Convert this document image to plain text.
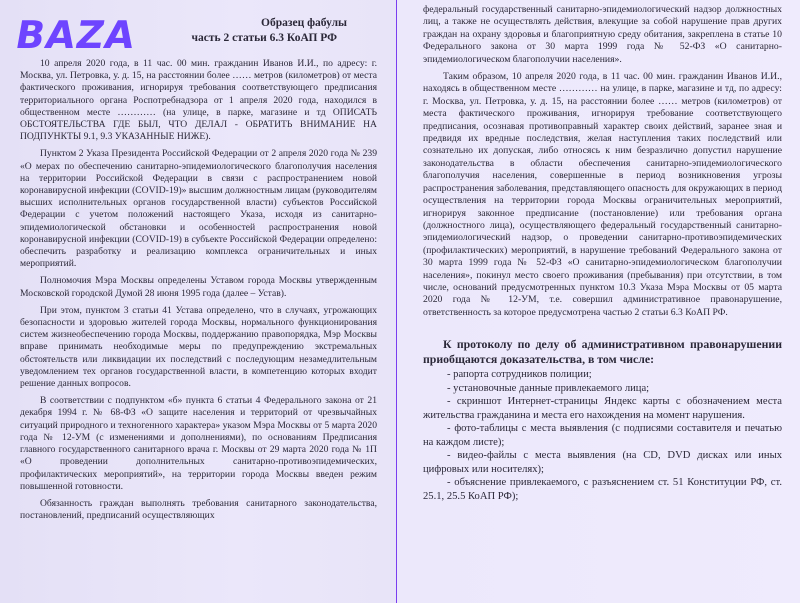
BAZA	Образец фабулы
часть 2 статьи 6.3 КоАП РФ

10 апреля 2020 года, в 11 час. 00 мин. гражданин Иванов И.И., по адресу: г. Москва, ул. Петровка, у. д. 15, на расстоянии более …… метров (километров) от места фактического проживания, игнорируя требования соответствующего предписания территориального органа Роспотребнадзора от 1 апреля 2020 года, находился в общественном месте ………… (на улице, в парке, магазине и тд ОПИСАТЬ ОБСТОЯТЕЛЬСТВА ГДЕ БЫЛ, ЧТО ДЕЛАЛ - ОБРАТИТЬ ВНИМАНИЕ НА ПОДПУНКТЫ 9.1, 9.3 УКАЗАННЫЕ НИЖЕ).

Пунктом 2 Указа Президента Российской Федерации от 2 апреля 2020 года № 239 «О мерах по обеспечению санитарно-эпидемиологического благополучия населения на территории Российской Федерации в связи с распространением новой коронавирусной инфекции (COVID-19)» высшим должностным лицам (руководителям высших исполнительных органов государственной власти) субъектов Российской Федерации с учетом положений настоящего Указа, исходя из санитарно-эпидемиологической обстановки и особенностей распространения новой коронавирусной инфекции (COVID-19) в субъекте Российской Федерации определено: обеспечить разработку и реализацию комплекса ограничительных и иных мероприятий.

Полномочия Мэра Москвы определены Уставом города Москвы утвержденным Московской городской Думой 28 июня 1995 года (далее – Устав).

При этом, пунктом 3 статьи 41 Устава определено, что в случаях, угрожающих безопасности и здоровью жителей города Москвы, нормального функционирования систем жизнеобеспечению города Москвы, поддержанию правопорядка, Мэр Москвы вправе принимать необходимые меры по предупреждению экстремальных обстоятельств или ликвидации их последствий с последующим незамедлительным уведомлением тех органов государственной власти, в компетенцию которых входит решение данных вопросов.

В соответствии с подпунктом «б» пункта 6 статьи 4 Федерального закона от 21 декабря 1994 г. № 68-ФЗ «О защите населения и территорий от чрезвычайных ситуаций природного и техногенного характера» указом Мэра Москвы от 5 марта 2020 года № 12-УМ (с изменениями и дополнениями), по основаниям Предписания главного государственного санитарного врача г. Москвы от 29 марта 2020 года № 1П «О проведении дополнительных санитарно-противоэпидемических, профилактических мероприятий», на территории города Москвы введен режим повышенной готовности.

Обязанность граждан выполнять требования санитарного законодательства, постановлений, предписаний осуществляющих

федеральный государственный санитарно-эпидемиологический надзор должностных лиц, а также не осуществлять действия, влекущие за собой нарушение прав других граждан на охрану здоровья и благоприятную среду обитания, закреплена в статье 10 Федерального закона от 30 марта 1999 года № 52-ФЗ «О санитарно-эпидемиологическом благополучии населения».

Таким образом, 10 апреля 2020 года, в 11 час. 00 мин. гражданин Иванов И.И., находясь в общественном месте ………… на улице, в парке, магазине и тд, по адресу: г. Москва, ул. Петровка, у. д. 15, на расстоянии более …… метров (километров) от места фактического проживания, игнорируя требование соответствующего предписания, осознавая противоправный характер своих действий, заранее зная и предвидя их вредные последствия, желая наступления таких последствий или сознательно их допуская, либо относясь к ним безразлично допустил нарушение законодательства в области обеспечения санитарно-эпидемиологического благополучия населения, совершенные в период возникновения угрозы распространения заболевания, представляющего опасность для окружающих в период осуществления на территории города Москвы ограничительных мероприятий, игнорируя законное предписание (постановление) или требования органа (должностного лица), осуществляющего федеральный государственный санитарно-эпидемиологический надзор, о проведении санитарно-противоэпидемических (профилактических) мероприятий, в нарушение требований Федерального закона от 30 марта 1999 года № 52-ФЗ «О санитарно-эпидемиологическом благополучии населения», покинул место своего проживания (пребывания) при отсутствии, в том числе, оснований предусмотренных пунктом 10.3 Указа Мэра Москвы от 05 марта 2020 года № 12-УМ, т.е. совершил административное правонарушение, ответственность за которое предусмотрена частью 2 статьи 6.3 КоАП РФ.

К протоколу по делу об административном правонарушении приобщаются доказательства, в том числе:
- рапорта сотрудников полиции;
- установочные данные привлекаемого лица;
- скриншот Интернет-страницы Яндекс карты с обозначением места жительства гражданина и места его нахождения на момент нарушения.
- фото-таблицы с места выявления (с подписями составителя и печатью на каждом листе);
- видео-файлы с места выявления (на CD, DVD дисках или иных цифровых или носителях);
- объяснение привлекаемого, с разъяснением ст. 51 Конституции РФ, ст. 25.1, 25.5 КоАП РФ);
